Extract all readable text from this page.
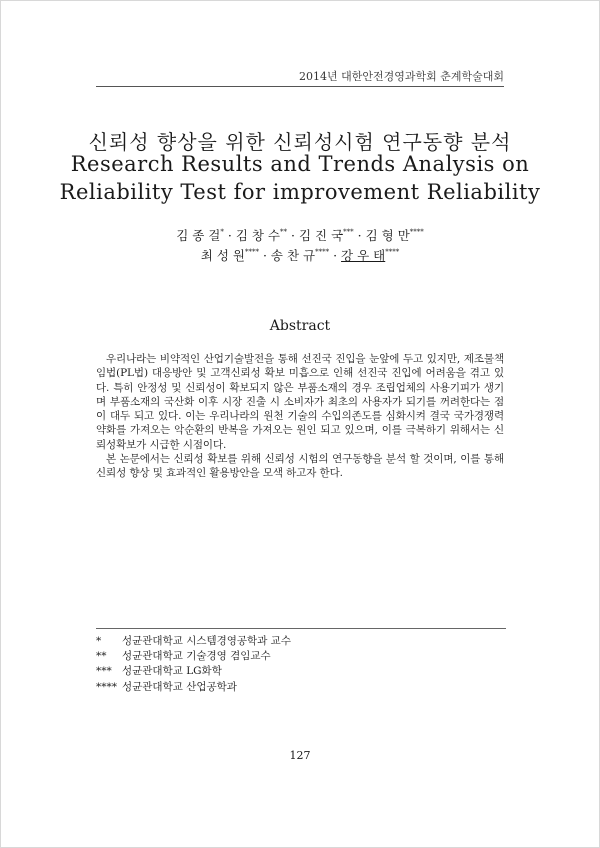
2014년 대한안전경영과학회 춘계학술대회
신뢰성 향상을 위한 신뢰성시험 연구동향 분석
Research Results and Trends Analysis on
Reliability Test for improvement Reliability
김 종 걸* · 김 창 수** · 김 진 국*** · 김 형 만****
최 성 원**** · 송 찬 규**** · 강 우 태****
Abstract

우리나라는 비약적인 산업기술발전을 통해 선진국 진입을 눈앞에 두고 있지만, 제조물책임법(PL법) 대응방안 및 고객신뢰성 확보 미흡으로 인해 선진국 진입에 어려움을 겪고 있다. 특히 안정성 및 신뢰성이 확보되지 않은 부품소재의 경우 조립업체의 사용기피가 생기며 부품소재의 국산화 이후 시장 진출 시 소비자가 최초의 사용자가 되기를 꺼려한다는 점이 대두 되고 있다. 이는 우리나라의 원천 기술의 수입의존도를 심화시켜 결국 국가경쟁력 약화를 가져오는 악순환의 반복을 가져오는 원인 되고 있으며, 이를 극복하기 위해서는 신뢰성확보가 시급한 시점이다.

본 논문에서는 신뢰성 확보를 위해 신뢰성 시험의 연구동향을 분석 할 것이며, 이를 통해 신뢰성 향상 및 효과적인 활용방안을 모색 하고자 한다.

* 성균관대학교 시스템경영공학과 교수
** 성균관대학교 기술경영 겸임교수
*** 성균관대학교 LG화학
**** 성균관대학교 산업공학과
127
